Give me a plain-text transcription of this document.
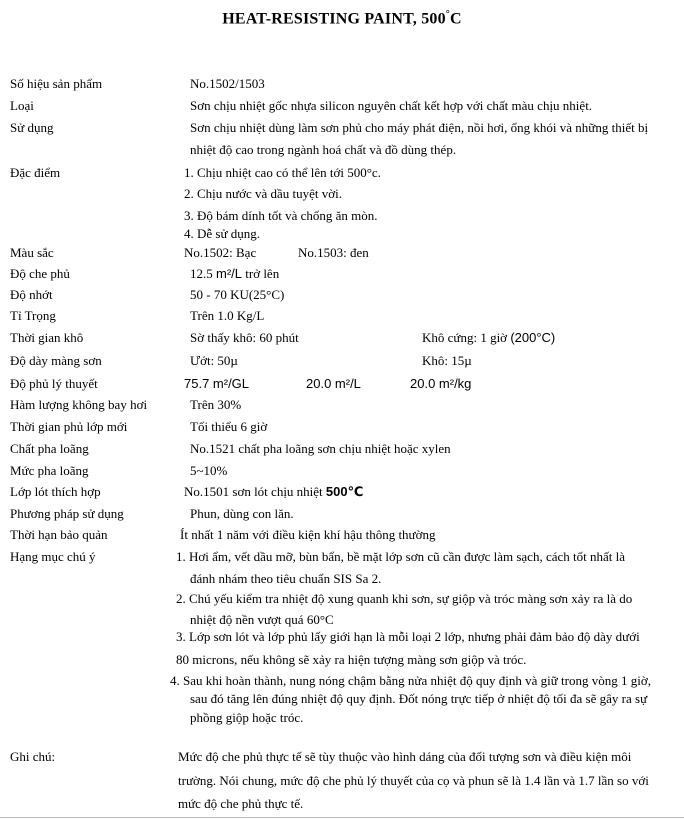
HEAT-RESISTING PAINT, 500°C
Số hiệu sản phẩm	No.1502/1503
Loại	Sơn chịu nhiệt gốc nhựa silicon nguyên chất kết hợp với chất màu chịu nhiệt.
Sử dụng	Sơn chịu nhiệt dùng làm sơn phủ cho máy phát điện, nồi hơi, ống khói và những thiết bị
nhiệt độ cao trong ngành hoá chất và đồ dùng thép.
Đặc điểm	1. Chịu nhiệt cao có thể lên tới 500°c.
2. Chịu nước và dầu tuyệt vời.
3. Độ bám dính tốt và chống ăn mòn.
4. Dễ sử dụng.
Màu sắc	No.1502: Bạc	No.1503: đen
Độ che phủ	12.5 m²/L trở lên
Độ nhớt	50 - 70 KU(25°C)
Tỉ Trọng	Trên 1.0 Kg/L
Thời gian khô	Sờ thấy khô: 60 phút	Khô cứng: 1 giờ (200°C)
Độ dày màng sơn	Ướt: 50µ	Khô: 15µ
Độ phủ lý thuyết	75.7 m²/GL	20.0 m²/L	20.0 m²/kg
Hàm lượng không bay hơi	Trên 30%
Thời gian phủ lớp mới	Tối thiểu 6 giờ
Chất pha loãng	No.1521 chất pha loãng sơn chịu nhiệt hoặc xylen
Mức pha loãng	5~10%
Lớp lót thích hợp	No.1501 sơn lót chịu nhiệt 500℃
Phương pháp sử dụng	Phun, dùng con lăn.
Thời hạn bảo quản	Ít nhất 1 năm với điều kiện khí hậu thông thường
Hạng mục chú ý	1. Hơi ẩm, vết dầu mỡ, bùn bẩn, bề mặt lớp sơn cũ cần được làm sạch, cách tốt nhất là
đánh nhám theo tiêu chuẩn SIS Sa 2.
2. Chú yếu kiểm tra nhiệt độ xung quanh khi sơn, sự giộp và tróc màng sơn xảy ra là do
nhiệt độ nền vượt quá 60°C
3. Lớp sơn lót và lớp phủ lấy giới hạn là mỗi loại 2 lớp, nhưng phải đảm bảo độ dày dưới
80 microns, nếu không sẽ xảy ra hiện tượng màng sơn giộp và tróc.
4. Sau khi hoàn thành, nung nóng chậm bằng nửa nhiệt độ quy định và giữ trong vòng 1 giờ,
sau đó tăng lên đúng nhiệt độ quy định. Đốt nóng trực tiếp ở nhiệt độ tối đa sẽ gây ra sự
phồng giộp hoặc tróc.
Ghi chú:	Mức độ che phủ thực tế sẽ tùy thuộc vào hình dáng của đối tượng sơn và điều kiện môi
trường. Nói chung, mức độ che phủ lý thuyết của cọ và phun sẽ là 1.4 lần và 1.7 lần so với
mức độ che phủ thực tế.
